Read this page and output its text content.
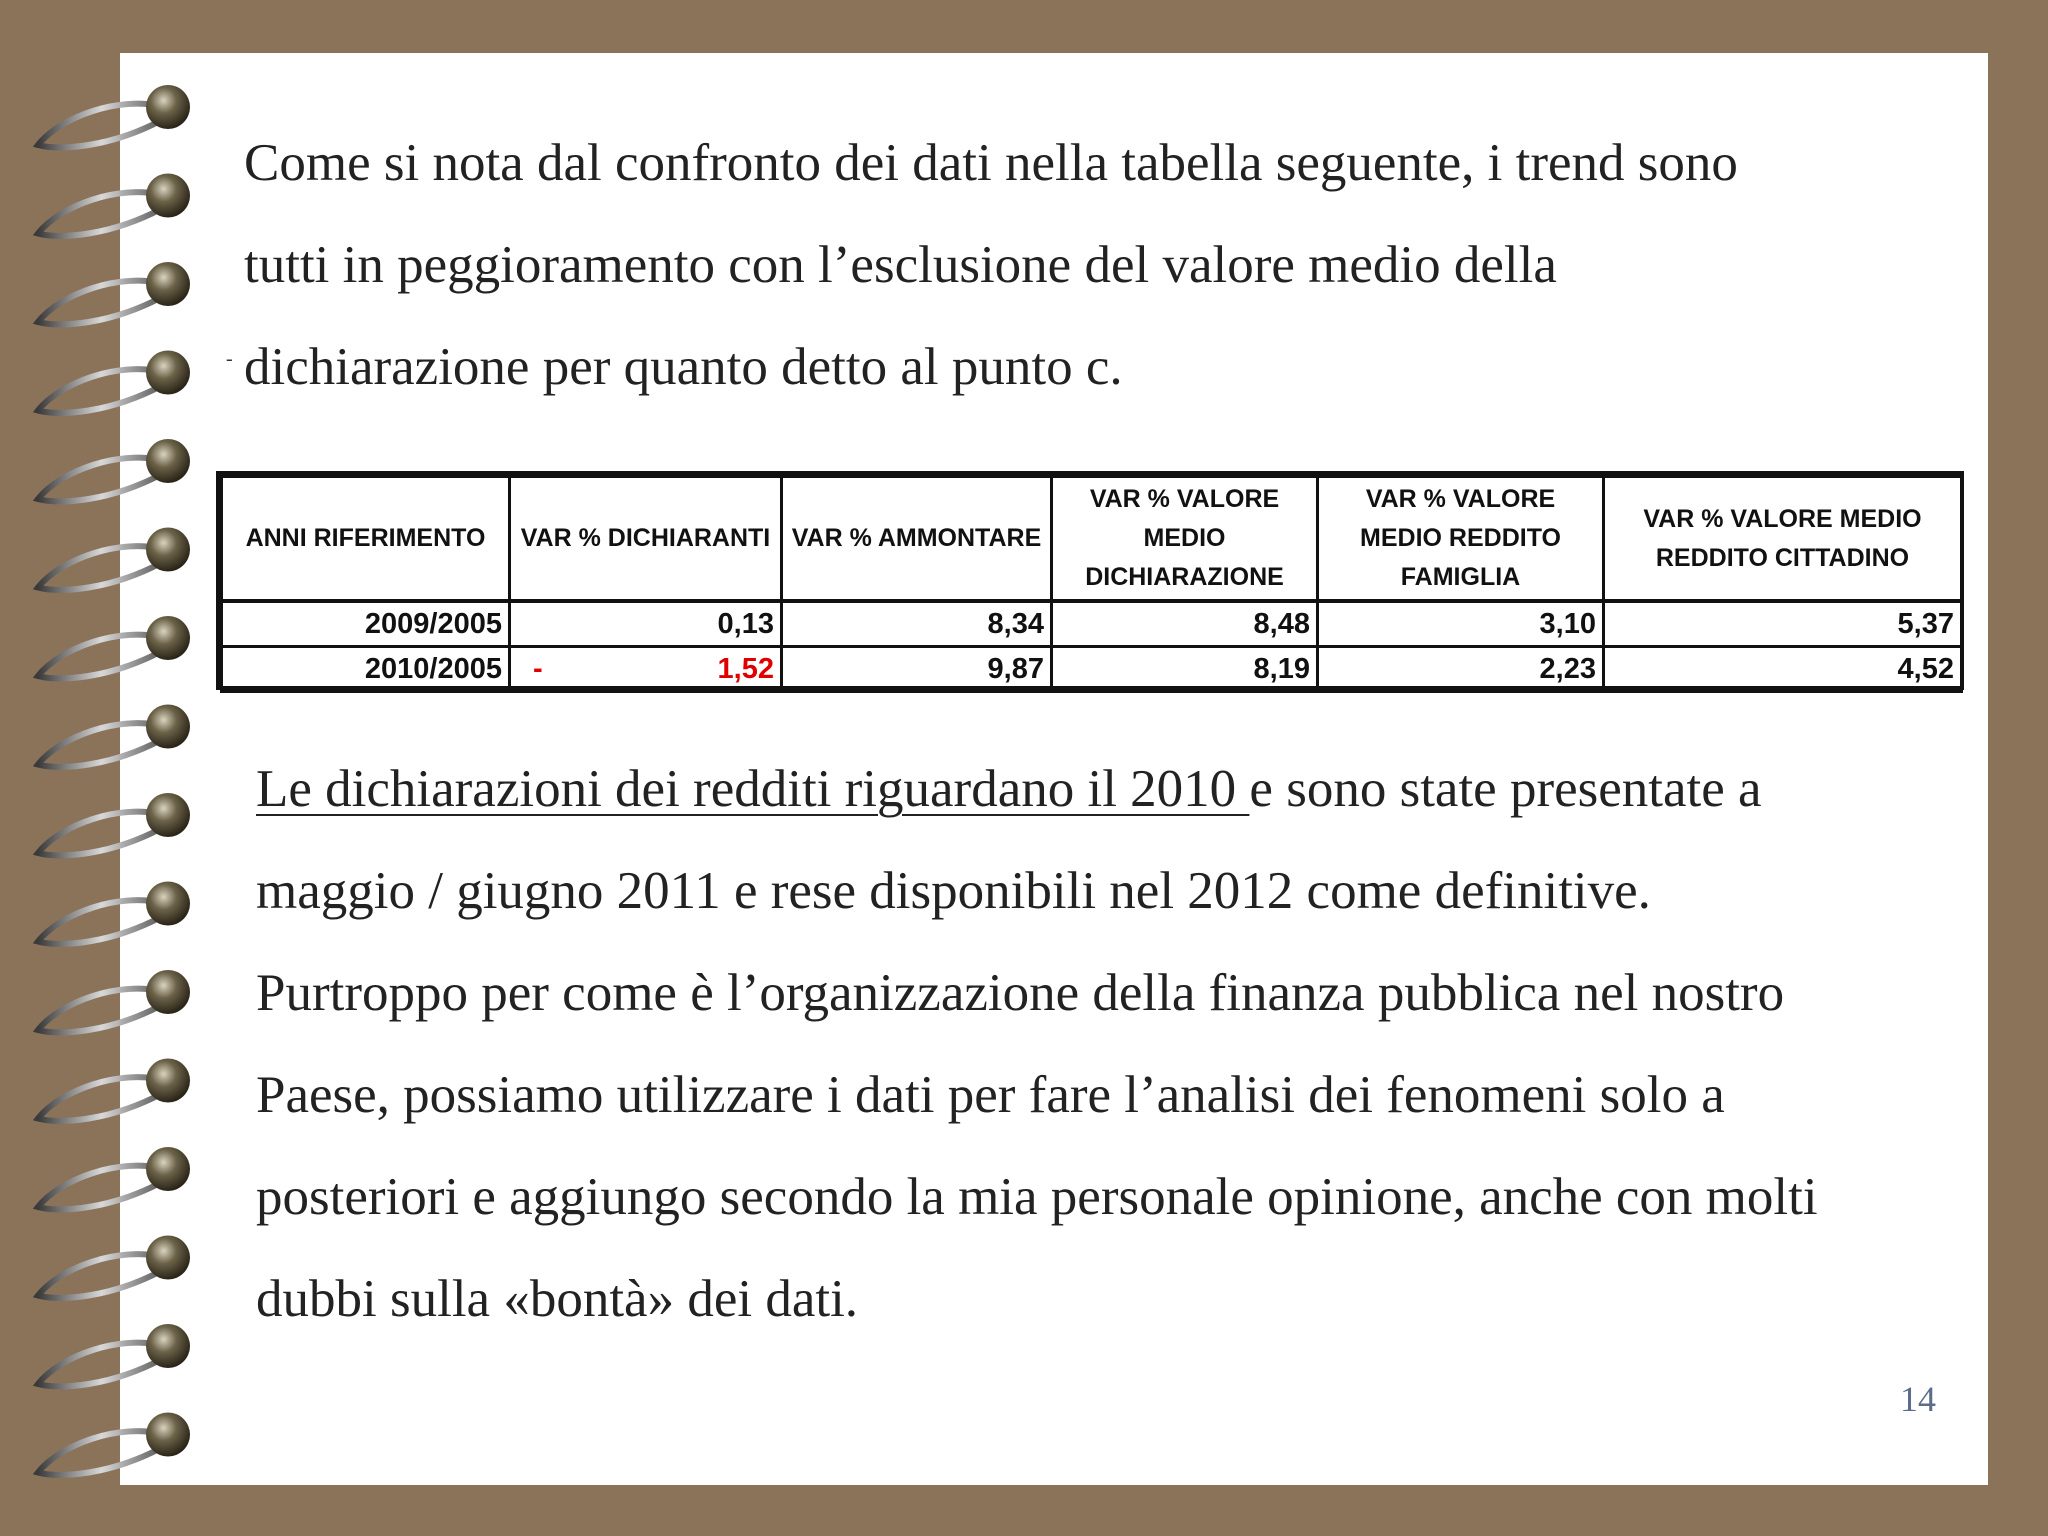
Come si nota dal confronto dei dati nella tabella seguente, i trend sono
tutti in peggioramento con l’esclusione del valore medio della
dichiarazione per quanto detto al punto c.

-
ANNI RIFERIMENTO	VAR % DICHIARANTI	VAR % AMMONTARE	VAR % VALORE MEDIO DICHIARAZIONE	VAR % VALORE MEDIO REDDITO FAMIGLIA	VAR % VALORE MEDIO REDDITO CITTADINO
2009/2005	0,13	8,34	8,48	3,10	5,37
2010/2005	- 1,52	9,87	8,19	2,23	4,52

Le dichiarazioni dei redditi riguardano il 2010 e sono state presentate a
maggio / giugno 2011 e rese disponibili nel 2012 come definitive.
Purtroppo per come è l’organizzazione della finanza pubblica nel nostro
Paese, possiamo utilizzare i dati per fare l’analisi dei fenomeni solo a
posteriori e aggiungo secondo la mia personale opinione, anche con molti
dubbi sulla «bontà» dei dati.

14
